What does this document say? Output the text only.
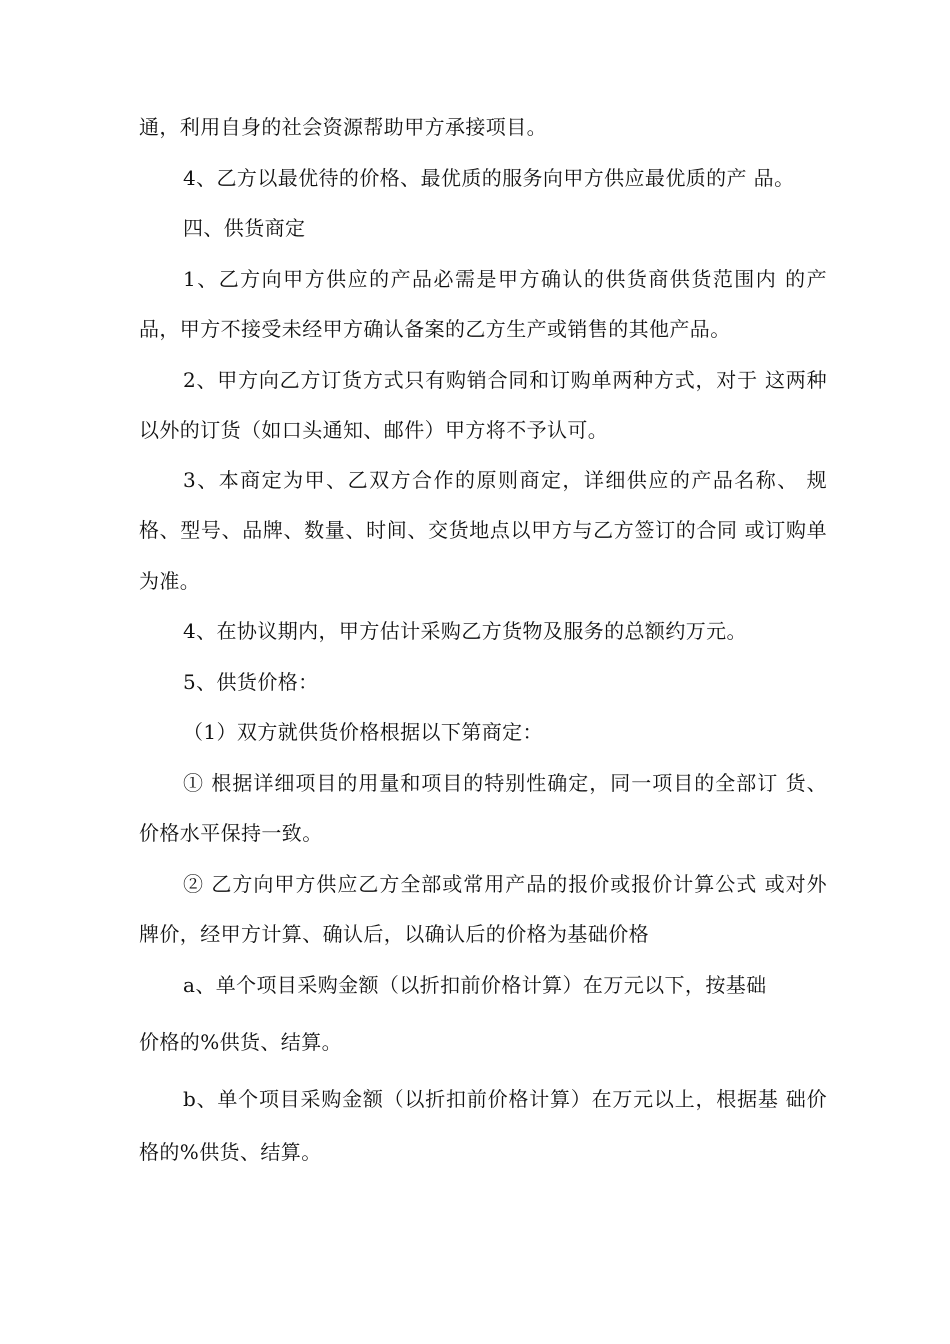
通，利用自身的社会资源帮助甲方承接项目。
4、乙方以最优待的价格、最优质的服务向甲方供应最优质的产 品。
四、供货商定
1、乙方向甲方供应的产品必需是甲方确认的供货商供货范围内 的产
品，甲方不接受未经甲方确认备案的乙方生产或销售的其他产品。
2、甲方向乙方订货方式只有购销合同和订购单两种方式，对于 这两种
以外的订货（如口头通知、邮件）甲方将不予认可。
3、本商定为甲、乙双方合作的原则商定，详细供应的产品名称、 规
格、型号、品牌、数量、时间、交货地点以甲方与乙方签订的合同 或订购单
为准。
4、在协议期内，甲方估计采购乙方货物及服务的总额约万元。
5、供货价格：
（1）双方就供货价格根据以下第商定：
① 根据详细项目的用量和项目的特别性确定，同一项目的全部订 货、
价格水平保持一致。
② 乙方向甲方供应乙方全部或常用产品的报价或报价计算公式 或对外
牌价，经甲方计算、确认后，以确认后的价格为基础价格
a、单个项目采购金额（以折扣前价格计算）在万元以下，按基础
价格的%供货、结算。
b、单个项目采购金额（以折扣前价格计算）在万元以上，根据基 础价
格的%供货、结算。
